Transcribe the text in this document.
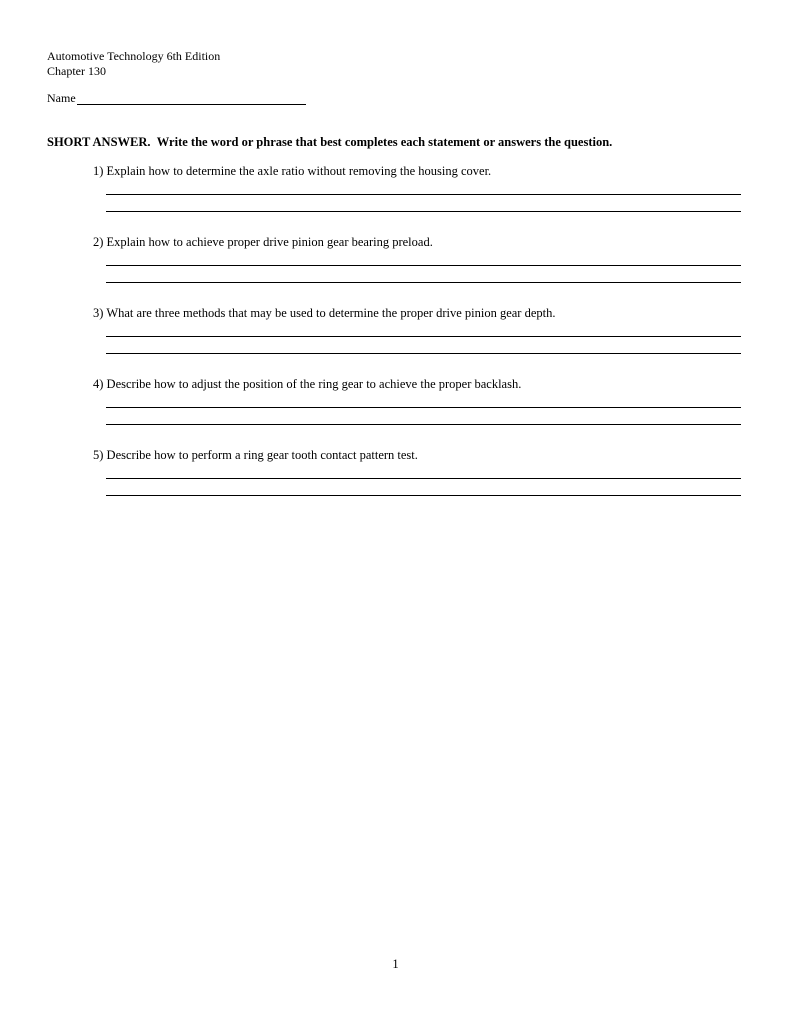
Automotive Technology 6th Edition
Chapter 130
Name
SHORT ANSWER. Write the word or phrase that best completes each statement or answers the question.
1) Explain how to determine the axle ratio without removing the housing cover.
2) Explain how to achieve proper drive pinion gear bearing preload.
3) What are three methods that may be used to determine the proper drive pinion gear depth.
4) Describe how to adjust the position of the ring gear to achieve the proper backlash.
5) Describe how to perform a ring gear tooth contact pattern test.
1
